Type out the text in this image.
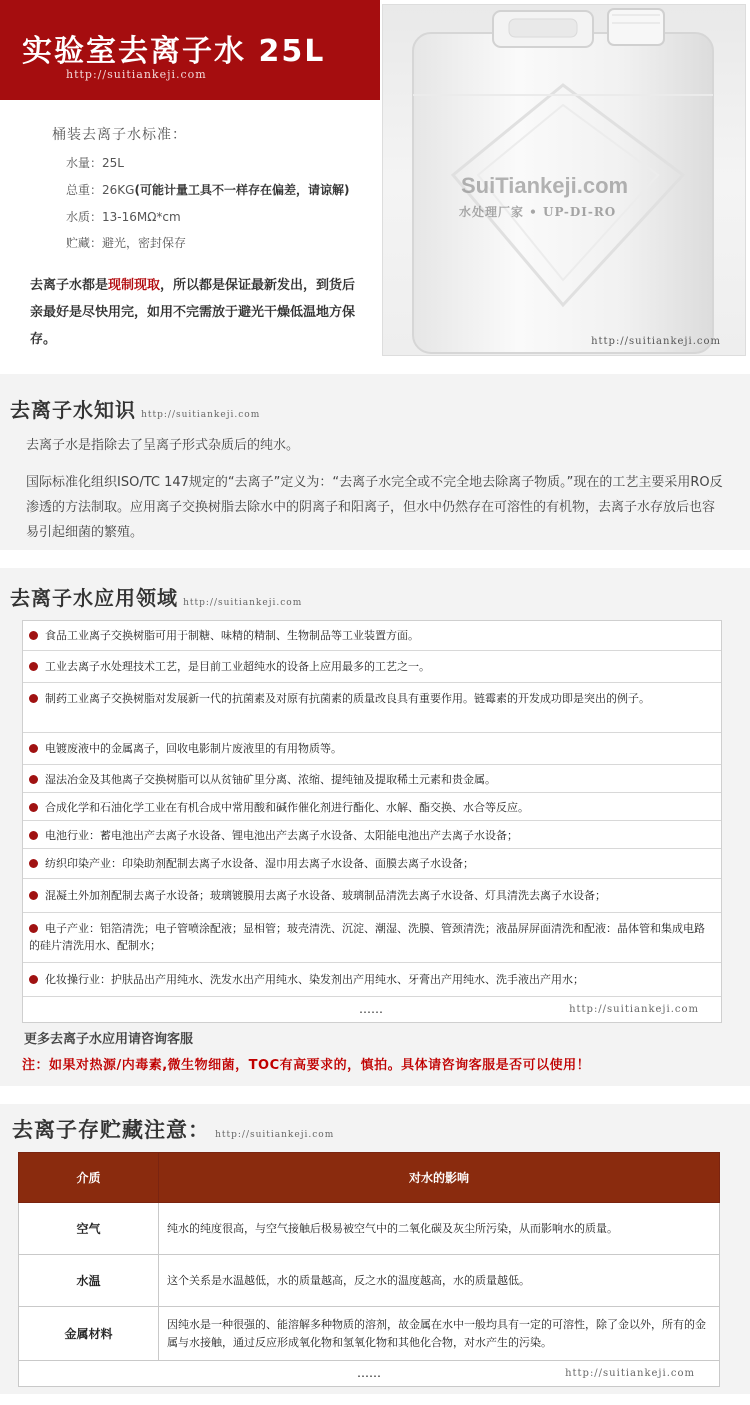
实验室去离子水 25L
http://suitiankeji.com
SuiTiankeji.com
水处理厂家 • UP-DI-RO
http://suitiankeji.com
桶装去离子水标准：
水量：25L
总重：26KG(可能计量工具不一样存在偏差，请谅解)
水质：13-16MΩ*cm
贮藏：避光，密封保存
去离子水都是现制现取，所以都是保证最新发出，到货后亲最好是尽快用完，如用不完需放于避光干燥低温地方保存。
去离子水知识 http://suitiankeji.com
去离子水是指除去了呈离子形式杂质后的纯水。
国际标准化组织ISO/TC 147规定的“去离子”定义为：“去离子水完全或不完全地去除离子物质。”现在的工艺主要采用RO反渗透的方法制取。应用离子交换树脂去除水中的阴离子和阳离子，但水中仍然存在可溶性的有机物，去离子水存放后也容易引起细菌的繁殖。
去离子水应用领域 http://suitiankeji.com
食品工业离子交换树脂可用于制糖、味精的精制、生物制品等工业装置方面。
工业去离子水处理技术工艺，是目前工业超纯水的设备上应用最多的工艺之一。
制药工业离子交换树脂对发展新一代的抗菌素及对原有抗菌素的质量改良具有重要作用。链霉素的开发成功即是突出的例子。
电镀废液中的金属离子，回收电影制片废液里的有用物质等。
湿法冶金及其他离子交换树脂可以从贫铀矿里分离、浓缩、提纯铀及提取稀土元素和贵金属。
合成化学和石油化学工业在有机合成中常用酸和碱作催化剂进行酯化、水解、酯交换、水合等反应。
电池行业：蓄电池出产去离子水设备、锂电池出产去离子水设备、太阳能电池出产去离子水设备；
纺织印染产业：印染助剂配制去离子水设备、湿巾用去离子水设备、面膜去离子水设备；
混凝土外加剂配制去离子水设备；玻璃镀膜用去离子水设备、玻璃制品清洗去离子水设备、灯具清洗去离子水设备；
电子产业：铝箔清洗；电子管喷涂配液；显相管；玻壳清洗、沉淀、潮湿、洗膜、管颈清洗；液晶屏屏面清洗和配液：晶体管和集成电路的硅片清洗用水、配制水；
化妆操行业：护肤品出产用纯水、洗发水出产用纯水、染发剂出产用纯水、牙膏出产用纯水、洗手液出产用水；
……	http://suitiankeji.com
更多去离子水应用请咨询客服
注：如果对热源/内毒素,微生物细菌，TOC有高要求的，慎拍。具体请咨询客服是否可以使用！
去离子存贮藏注意： http://suitiankeji.com
介质	对水的影响
空气	纯水的纯度很高，与空气接触后极易被空气中的二氧化碳及灰尘所污染，从而影响水的质量。
水温	这个关系是水温越低，水的质量越高，反之水的温度越高，水的质量越低。
金属材料	因纯水是一种很强的、能溶解多种物质的溶剂，故金属在水中一般均具有一定的可溶性，除了金以外，所有的金属与水接触，通过反应形成氧化物和氢氧化物和其他化合物，对水产生的污染。

…… http://suitiankeji.com	
